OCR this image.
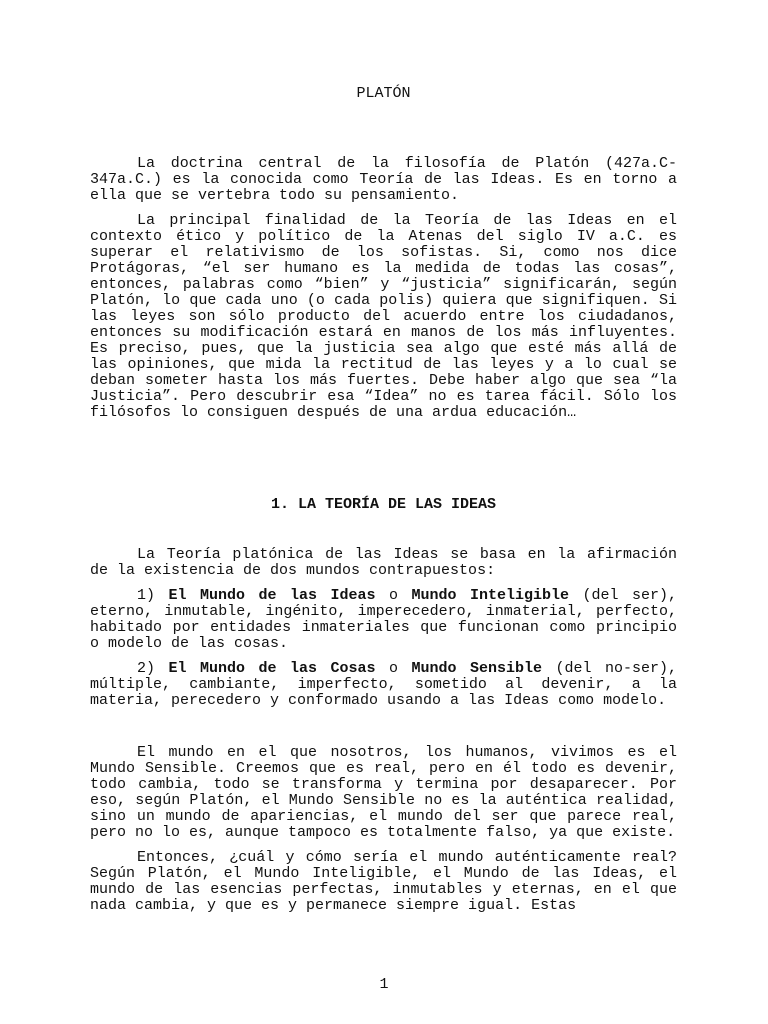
PLATÓN

La doctrina central de la filosofía de Platón (427a.C-347a.C.) es la conocida como Teoría de las Ideas. Es en torno a ella que se vertebra todo su pensamiento.

La principal finalidad de la Teoría de las Ideas en el contexto ético y político de la Atenas del siglo IV a.C. es superar el relativismo de los sofistas. Si, como nos dice Protágoras, “el ser humano es la medida de todas las cosas”, entonces, palabras como “bien” y “justicia” significarán, según Platón, lo que cada uno (o cada polis) quiera que signifiquen. Si las leyes son sólo producto del acuerdo entre los ciudadanos, entonces su modificación estará en manos de los más influyentes. Es preciso, pues, que la justicia sea algo que esté más allá de las opiniones, que mida la rectitud de las leyes y a lo cual se deban someter hasta los más fuertes. Debe haber algo que sea “la Justicia”. Pero descubrir esa “Idea” no es tarea fácil. Sólo los filósofos lo consiguen después de una ardua educación…

1. LA TEORÍA DE LAS IDEAS

La Teoría platónica de las Ideas se basa en la afirmación de la existencia de dos mundos contrapuestos:

1) El Mundo de las Ideas o Mundo Inteligible (del ser), eterno, inmutable, ingénito, imperecedero, inmaterial, perfecto, habitado por entidades inmateriales que funcionan como principio o modelo de las cosas.

2) El Mundo de las Cosas o Mundo Sensible (del no-ser), múltiple, cambiante, imperfecto, sometido al devenir, a la materia, perecedero y conformado usando a las Ideas como modelo.

El mundo en el que nosotros, los humanos, vivimos es el Mundo Sensible. Creemos que es real, pero en él todo es devenir, todo cambia, todo se transforma y termina por desaparecer. Por eso, según Platón, el Mundo Sensible no es la auténtica realidad, sino un mundo de apariencias, el mundo del ser que parece real, pero no lo es, aunque tampoco es totalmente falso, ya que existe.

Entonces, ¿cuál y cómo sería el mundo auténticamente real? Según Platón, el Mundo Inteligible, el Mundo de las Ideas, el mundo de las esencias perfectas, inmutables y eternas, en el que nada cambia, y que es y permanece siempre igual. Estas

1
